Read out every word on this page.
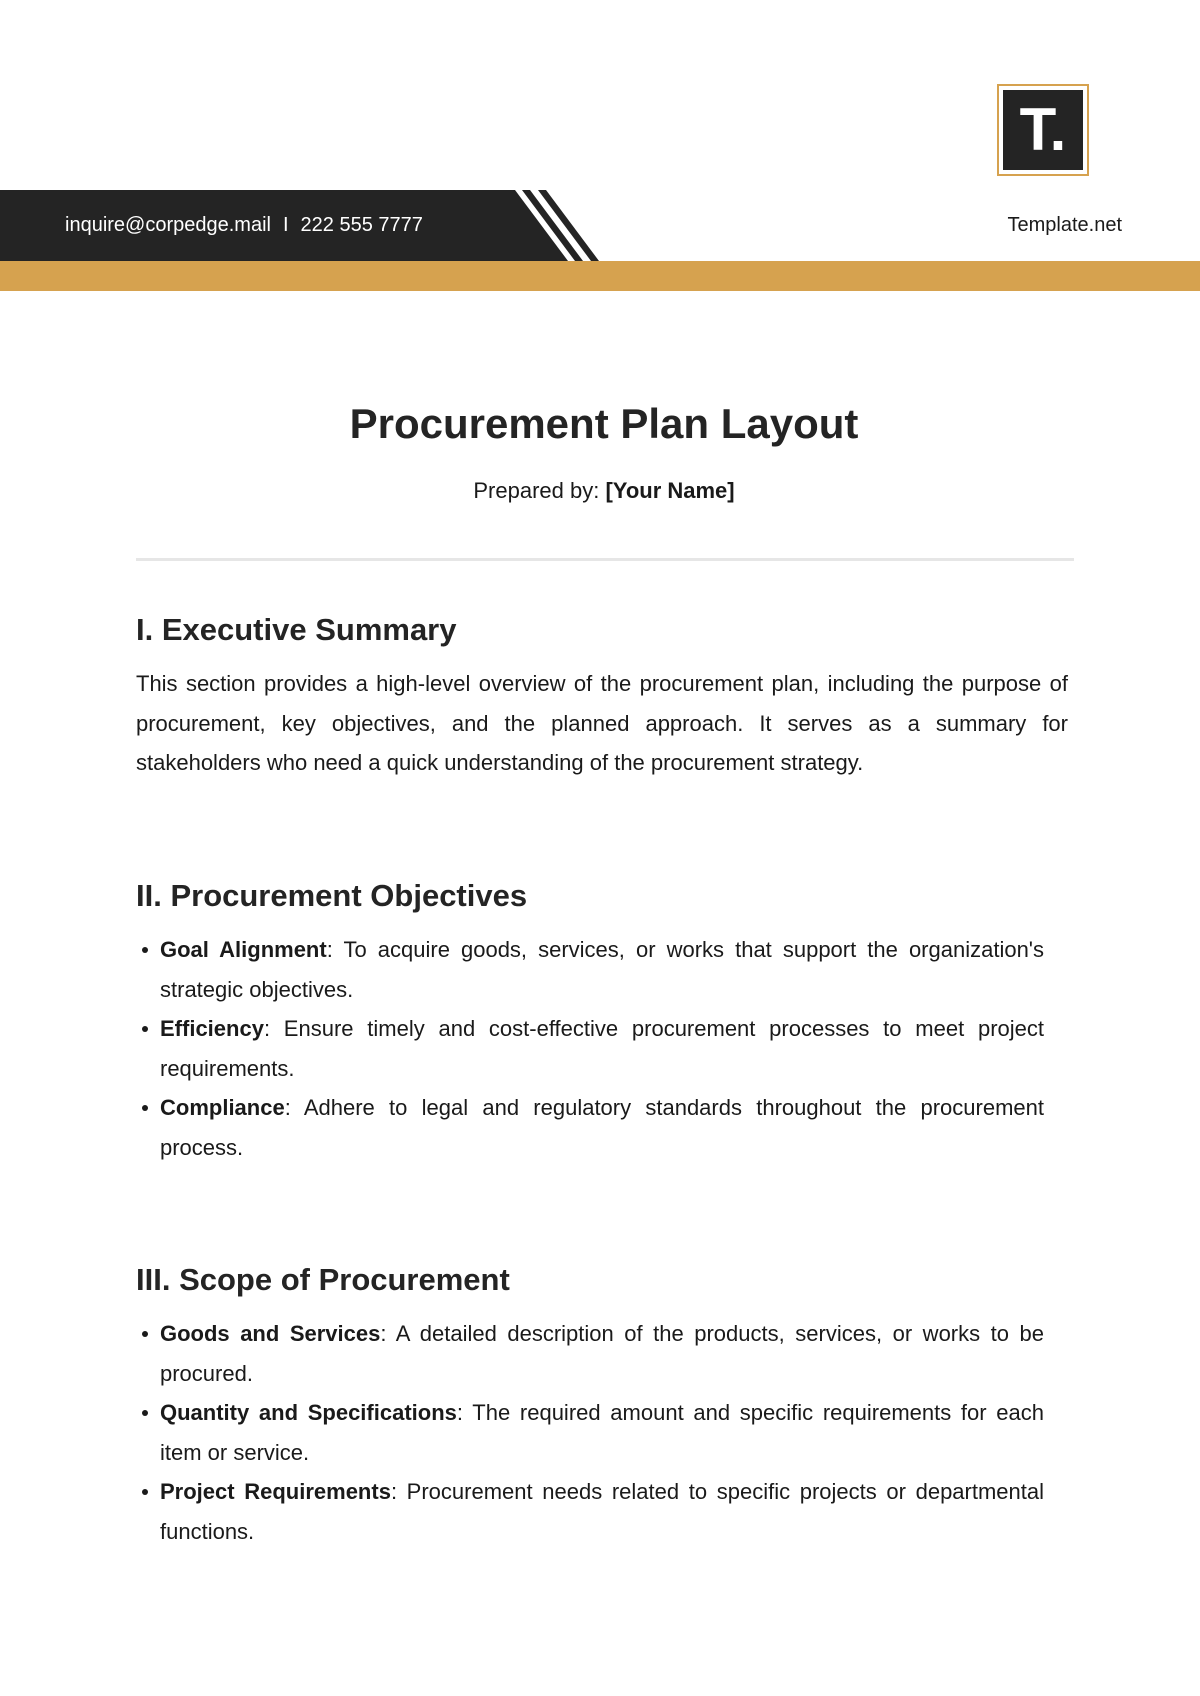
T.
inquire@corpedge.mail I 222 555 7777	Template.net
Procurement Plan Layout
Prepared by: [Your Name]
I. Executive Summary

This section provides a high-level overview of the procurement plan, including the purpose of procurement, key objectives, and the planned approach. It serves as a summary for stakeholders who need a quick understanding of the procurement strategy.

II. Procurement Objectives
Goal Alignment: To acquire goods, services, or works that support the organization's strategic objectives.
Efficiency: Ensure timely and cost-effective procurement processes to meet project requirements.
Compliance: Adhere to legal and regulatory standards throughout the procurement process.
III. Scope of Procurement
Goods and Services: A detailed description of the products, services, or works to be procured.
Quantity and Specifications: The required amount and specific requirements for each item or service.
Project Requirements: Procurement needs related to specific projects or departmental functions.
